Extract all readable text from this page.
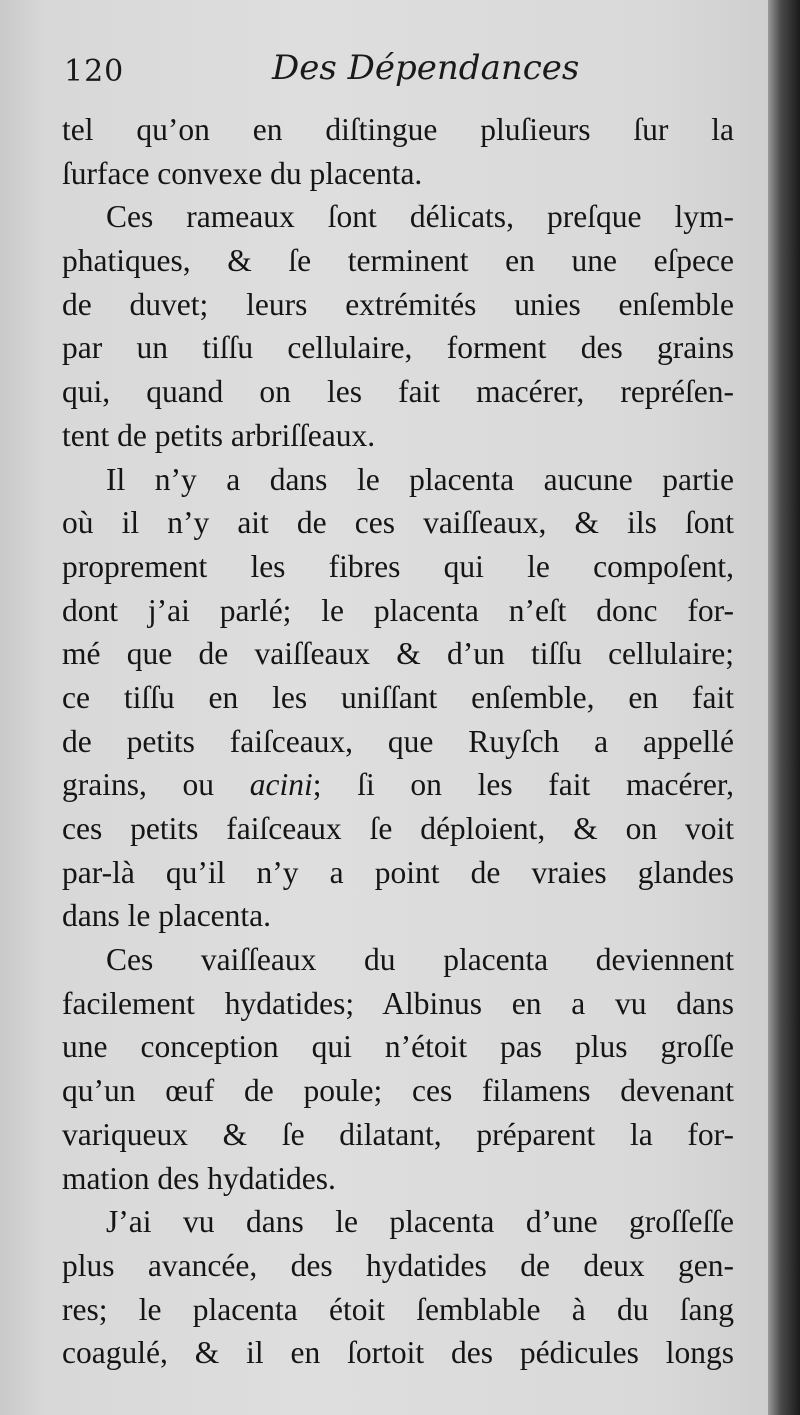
120	Des Dépendances
tel qu’on en diſtingue pluſieurs ſur la
ſurface convexe du placenta.
Ces rameaux ſont délicats, preſque lym-
phatiques, & ſe terminent en une eſpece
de duvet; leurs extrémités unies enſemble
par un tiſſu cellulaire, forment des grains
qui, quand on les fait macérer, repréſen-
tent de petits arbriſſeaux.
Il n’y a dans le placenta aucune partie
où il n’y ait de ces vaiſſeaux, & ils ſont
proprement les fibres qui le compoſent,
dont j’ai parlé; le placenta n’eſt donc for-
mé que de vaiſſeaux & d’un tiſſu cellulaire;
ce tiſſu en les uniſſant enſemble, en fait
de petits faiſceaux, que Ruyſch a appellé
grains, ou acini; ſi on les fait macérer,
ces petits faiſceaux ſe déploient, & on voit
par-là qu’il n’y a point de vraies glandes
dans le placenta.
Ces vaiſſeaux du placenta deviennent
facilement hydatides; Albinus en a vu dans
une conception qui n’étoit pas plus groſſe
qu’un œuf de poule; ces filamens devenant
variqueux & ſe dilatant, préparent la for-
mation des hydatides.
J’ai vu dans le placenta d’une groſſeſſe
plus avancée, des hydatides de deux gen-
res; le placenta étoit ſemblable à du ſang
coagulé, & il en ſortoit des pédicules longs
